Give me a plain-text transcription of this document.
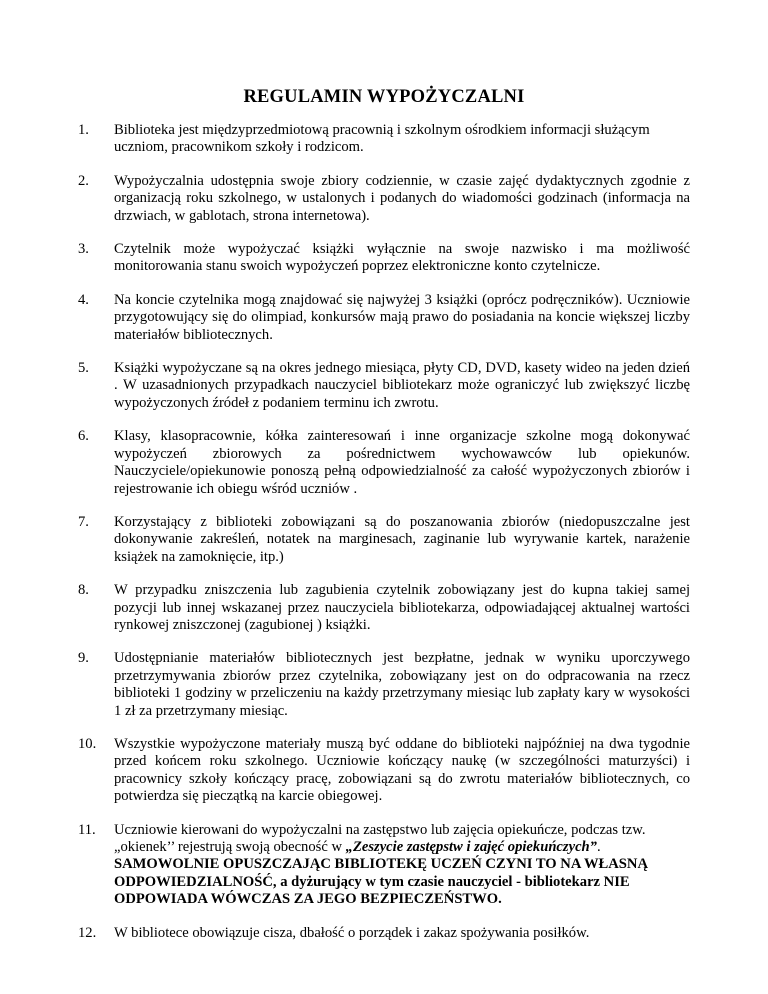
REGULAMIN WYPOŻYCZALNI
1.	Biblioteka jest międzyprzedmiotową pracownią i szkolnym ośrodkiem informacji służącym uczniom, pracownikom szkoły i rodzicom.
2.	Wypożyczalnia udostępnia swoje zbiory codziennie, w czasie zajęć dydaktycznych zgodnie z organizacją roku szkolnego, w ustalonych i podanych do wiadomości godzinach (informacja na drzwiach, w gablotach, strona internetowa).
3.	Czytelnik może wypożyczać książki wyłącznie na swoje nazwisko i ma możliwość monitorowania stanu swoich wypożyczeń poprzez elektroniczne konto czytelnicze.
4.	Na koncie czytelnika mogą znajdować się najwyżej 3 książki (oprócz podręczników). Uczniowie przygotowujący się do olimpiad, konkursów mają prawo do posiadania na koncie większej liczby materiałów bibliotecznych.
5.	Książki wypożyczane są na okres jednego miesiąca, płyty CD, DVD, kasety wideo na jeden dzień . W uzasadnionych przypadkach nauczyciel bibliotekarz może ograniczyć lub zwiększyć liczbę wypożyczonych źródeł z podaniem terminu ich zwrotu.
6.	Klasy, klasopracownie, kółka zainteresowań i inne organizacje szkolne mogą dokonywać wypożyczeń zbiorowych za pośrednictwem wychowawców lub opiekunów. Nauczyciele/opiekunowie ponoszą pełną odpowiedzialność za całość wypożyczonych zbiorów i rejestrowanie ich obiegu wśród uczniów .
7.	Korzystający z biblioteki zobowiązani są do poszanowania zbiorów (niedopuszczalne jest dokonywanie zakreśleń, notatek na marginesach, zaginanie lub wyrywanie kartek, narażenie książek na zamoknięcie, itp.)
8.	W przypadku zniszczenia lub zagubienia czytelnik zobowiązany jest do kupna takiej samej pozycji lub innej wskazanej przez nauczyciela bibliotekarza, odpowiadającej aktualnej wartości rynkowej zniszczonej (zagubionej ) książki.
9.	Udostępnianie materiałów bibliotecznych jest bezpłatne, jednak w wyniku uporczywego przetrzymywania zbiorów przez czytelnika, zobowiązany jest on do odpracowania na rzecz biblioteki 1 godziny w przeliczeniu na każdy przetrzymany miesiąc lub zapłaty kary w wysokości 1 zł za przetrzymany miesiąc.
10.	Wszystkie wypożyczone materiały muszą być oddane do biblioteki najpóźniej na dwa tygodnie przed końcem roku szkolnego. Uczniowie kończący naukę (w szczególności maturzyści) i pracownicy szkoły kończący pracę, zobowiązani są do zwrotu materiałów bibliotecznych, co potwierdza się pieczątką na karcie obiegowej.
11.	Uczniowie kierowani do wypożyczalni na zastępstwo lub zajęcia opiekuńcze, podczas tzw. „okienek’’ rejestrują swoją obecność w „Zeszycie zastępstw i zajęć opiekuńczych”.
SAMOWOLNIE OPUSZCZAJĄC BIBLIOTEKĘ UCZEŃ CZYNI TO NA WŁASNĄ ODPOWIEDZIALNOŚĆ, a dyżurujący w tym czasie nauczyciel - bibliotekarz NIE ODPOWIADA WÓWCZAS ZA JEGO BEZPIECZEŃSTWO.
12.	W bibliotece obowiązuje cisza, dbałość o porządek i zakaz spożywania posiłków.
